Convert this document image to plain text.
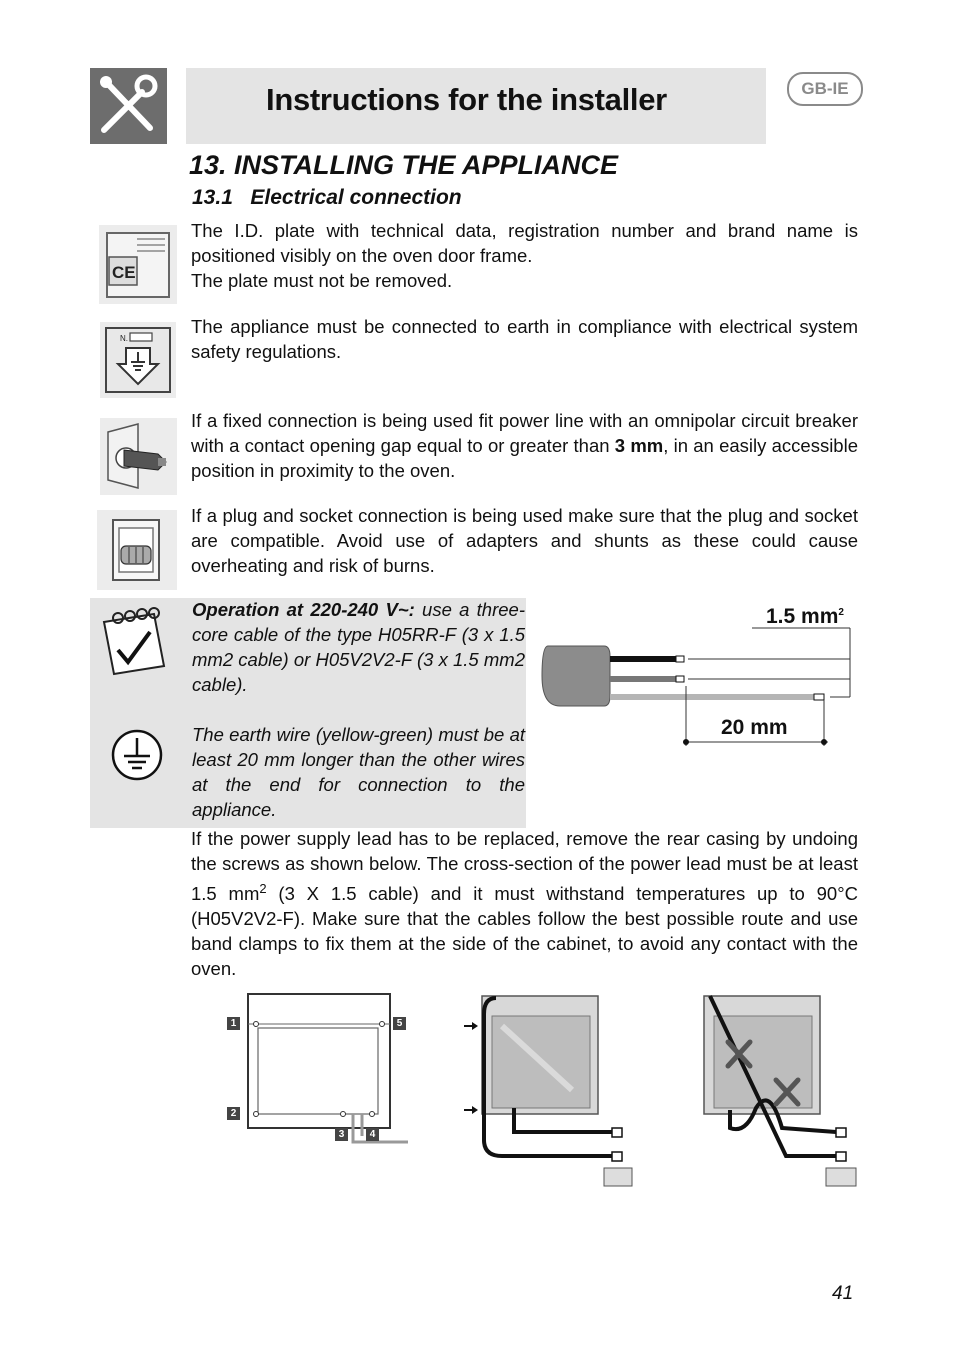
Instructions for the installer	GB-IE
13. INSTALLING THE APPLIANCE
13.1   Electrical connection
CE
The I.D. plate with technical data, registration number and brand name is positioned visibly on the oven door frame.
The plate must not be removed.
N.
The appliance must be connected to earth in compliance with electrical system safety regulations.
If a fixed connection is being used fit power line with an omnipolar circuit breaker with a contact opening gap equal to or greater than 3 mm, in an easily accessible position in proximity to the oven.
If a plug and socket connection is being used make sure that the plug and socket are compatible. Avoid use of adapters and shunts as these could cause overheating and risk of burns.
Operation at 220-240 V~: use a three-core cable of the type H05RR-F (3 x 1.5 mm2 cable) or H05V2V2-F (3 x 1.5 mm2 cable).
The earth wire (yellow-green) must be at least 20 mm longer than the other wires at the end for connection to the appliance.
1.5 $mm^2$
20 mm
If the power supply lead has to be replaced, remove the rear casing by undoing the screws as shown below. The cross-section of the power lead must be at least 1.5 $mm^2$ (3 X 1.5 cable) and it must withstand temperatures up to 90°C (H05V2V2-F). Make sure that the cables follow the best possible route and use band clamps to fix them at the side of the cabinet, to avoid any contact with the oven.
1
2
3	4
5
41
